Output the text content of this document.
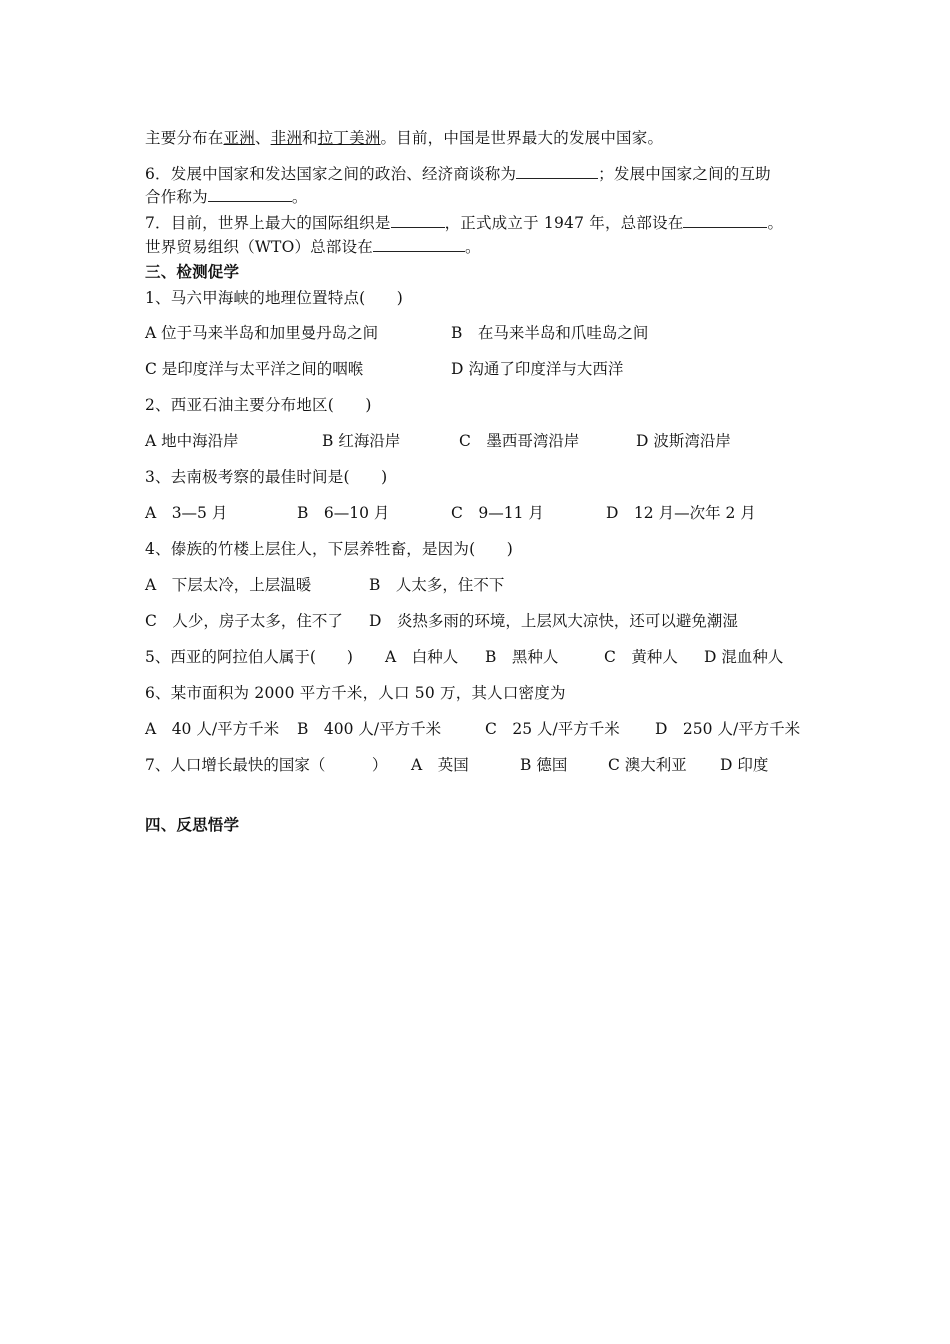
主要分布在亚洲、非洲和拉丁美洲。目前，中国是世界最大的发展中国家。
6．发展中国家和发达国家之间的政治、经济商谈称为	；发展中国家之间的互助
合作称为	。
7．目前，世界上最大的国际组织是	，正式成立于 1947 年，总部设在	。
世界贸易组织（WTO）总部设在	。
三、检测促学
1、马六甲海峡的地理位置特点(　　)
A 位于马来半岛和加里曼丹岛之间	B　在马来半岛和爪哇岛之间
C 是印度洋与太平洋之间的咽喉	D 沟通了印度洋与大西洋
2、西亚石油主要分布地区(　　)
A 地中海沿岸	B 红海沿岸	C　墨西哥湾沿岸	D 波斯湾沿岸
3、去南极考察的最佳时间是(　　)
A　3—5 月	B　6—10 月	C　9—11 月	D　12 月—次年 2 月
4、傣族的竹楼上层住人，下层养牲畜，是因为(　　)
A　下层太冷，上层温暖	B　人太多，住不下
C　人少，房子太多，住不了 D　炎热多雨的环境，上层风大凉快，还可以避免潮湿
5、西亚的阿拉伯人属于(　　) A　白种人 B　黑种人	C　黄种人 D 混血种人
6、某市面积为 2000 平方千米，人口 50 万，其人口密度为
A　40 人/平方千米 B　400 人/平方千米	C　25 人/平方千米 D　250 人/平方千米
7、人口增长最快的国家（　　　） A　英国	B 德国	C 澳大利亚 D 印度
四、反思悟学
